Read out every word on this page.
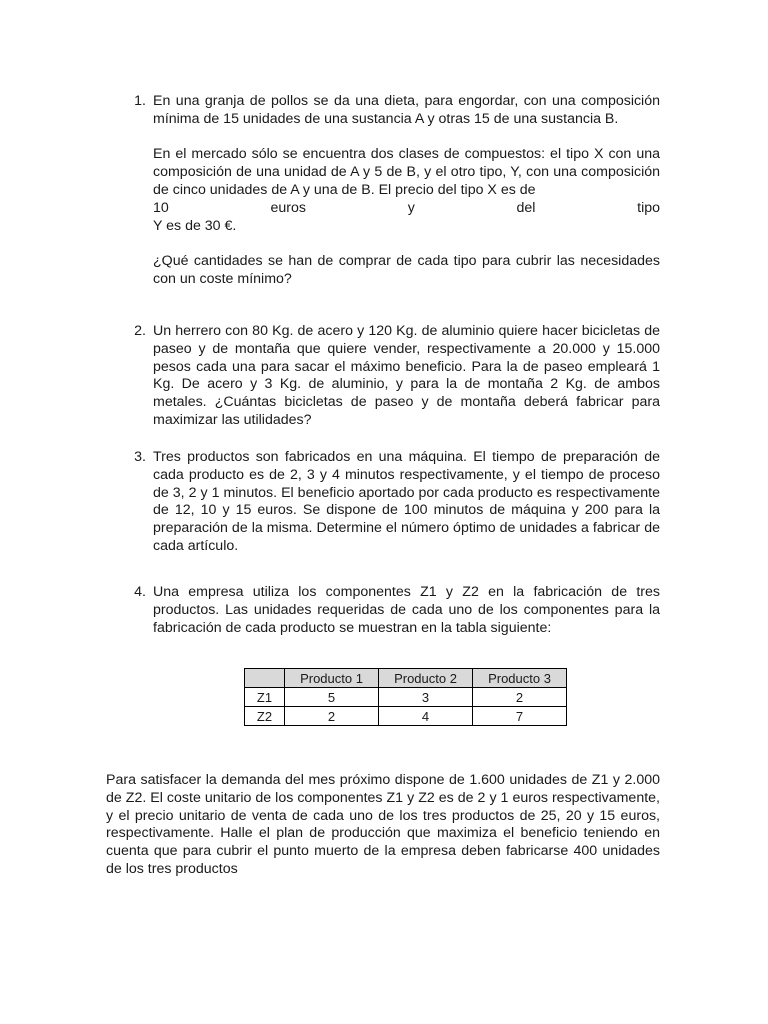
1. En una granja de pollos se da una dieta, para engordar, con una composición mínima de 15 unidades de una sustancia A y otras 15 de una sustancia B.

En el mercado sólo se encuentra dos clases de compuestos: el tipo X con una composición de una unidad de A y 5 de B, y el otro tipo, Y, con una composición de cinco unidades de A y una de B. El precio del tipo X es de

10	euros	y	del	tipo

Y es de 30 €.

¿Qué cantidades se han de comprar de cada tipo para cubrir las necesidades con un coste mínimo?

2. Un herrero con 80 Kg. de acero y 120 Kg. de aluminio quiere hacer bicicletas de paseo y de montaña que quiere vender, respectivamente a 20.000 y 15.000 pesos cada una para sacar el máximo beneficio. Para la de paseo empleará 1 Kg. De acero y 3 Kg. de aluminio, y para la de montaña 2 Kg. de ambos metales. ¿Cuántas bicicletas de paseo y de montaña deberá fabricar para maximizar las utilidades?

3. Tres productos son fabricados en una máquina. El tiempo de preparación de cada producto es de 2, 3 y 4 minutos respectivamente, y el tiempo de proceso de 3, 2 y 1 minutos. El beneficio aportado por cada producto es respectivamente de 12, 10 y 15 euros. Se dispone de 100 minutos de máquina y 200 para la preparación de la misma. Determine el número óptimo de unidades a fabricar de cada artículo.

4. Una empresa utiliza los componentes Z1 y Z2 en la fabricación de tres productos. Las unidades requeridas de cada uno de los componentes para la fabricación de cada producto se muestran en la tabla siguiente:

	Producto 1	Producto 2	Producto 3
Z1	5	3	2
Z2	2	4	7

Para satisfacer la demanda del mes próximo dispone de 1.600 unidades de Z1 y 2.000 de Z2. El coste unitario de los componentes Z1 y Z2 es de 2 y 1 euros respectivamente, y el precio unitario de venta de cada uno de los tres productos de 25, 20 y 15 euros, respectivamente. Halle el plan de producción que maximiza el beneficio teniendo en cuenta que para cubrir el punto muerto de la empresa deben fabricarse 400 unidades de los tres productos
